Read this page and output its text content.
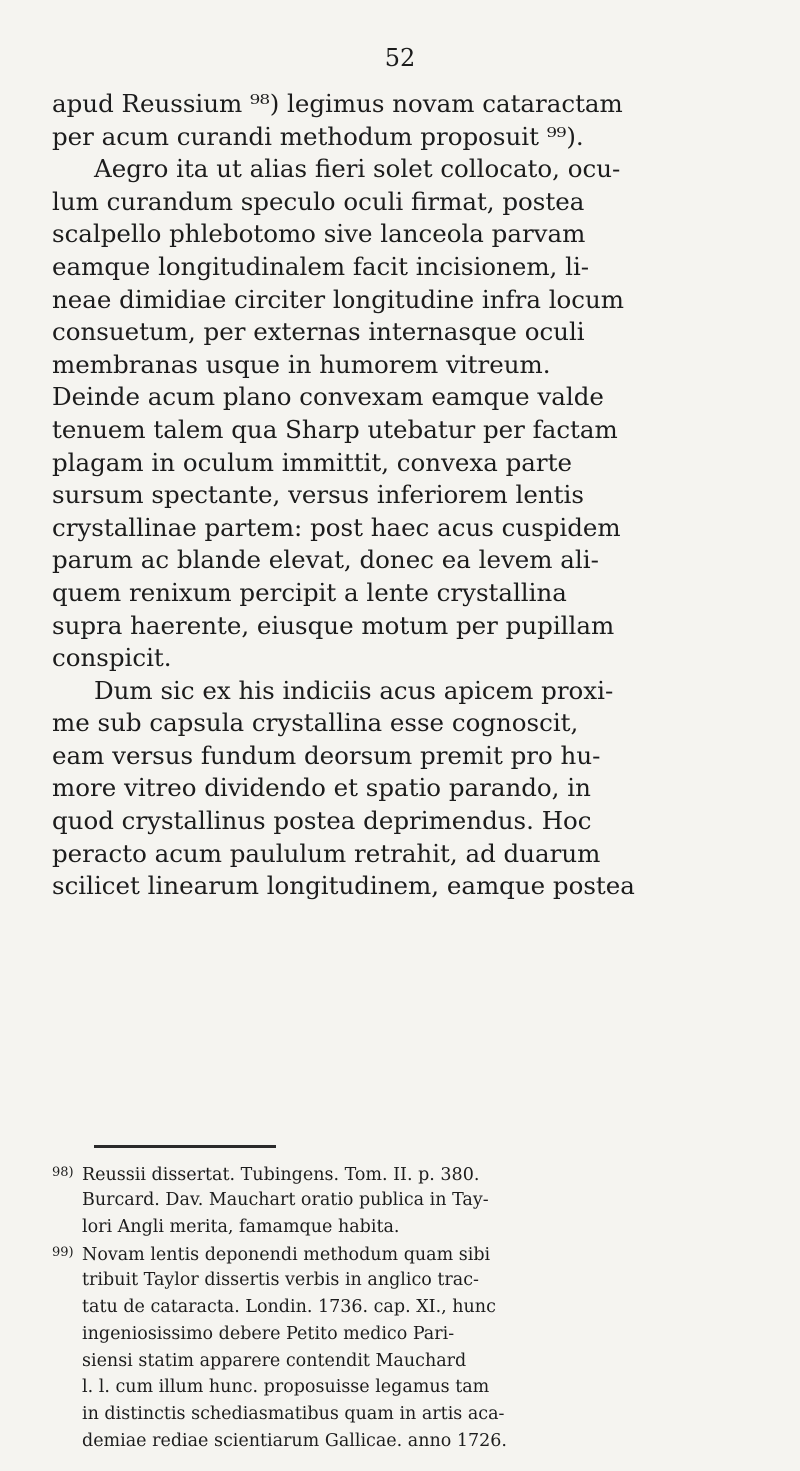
52
apud Reussium ⁹⁸) legimus novam cataractam
per acum curandi methodum proposuit ⁹⁹).
Aegro ita ut alias fieri solet collocato, ocu-
lum curandum speculo oculi firmat, postea
scalpello phlebotomo sive lanceola parvam
eamque longitudinalem facit incisionem, li-
neae dimidiae circiter longitudine infra locum
consuetum, per externas internasque oculi
membranas usque in humorem vitreum.
Deinde acum plano convexam eamque valde
tenuem talem qua Sharp utebatur per factam
plagam in oculum immittit, convexa parte
sursum spectante, versus inferiorem lentis
crystallinae partem: post haec acus cuspidem
parum ac blande elevat, donec ea levem ali-
quem renixum percipit a lente crystallina
supra haerente, eiusque motum per pupillam
conspicit.
Dum sic ex his indiciis acus apicem proxi-
me sub capsula crystallina esse cognoscit,
eam versus fundum deorsum premit pro hu-
more vitreo dividendo et spatio parando, in
quod crystallinus postea deprimendus. Hoc
peracto acum paululum retrahit, ad duarum
scilicet linearum longitudinem, eamque postea
98) Reussii dissertat. Tubingens. Tom. II. p. 380.
Burcard. Dav. Mauchart oratio publica in Tay-
lori Angli merita, famamque habita.
99) Novam lentis deponendi methodum quam sibi
tribuit Taylor dissertis verbis in anglico trac-
tatu de cataracta. Londin. 1736. cap. XI., hunc
ingeniosissimo debere Petito medico Pari-
siensi statim apparere contendit Mauchard
l. l. cum illum hunc. proposuisse legamus tam
in distinctis schediasmatibus quam in artis aca-
demiae rediae scientiarum Gallicae. anno 1726.
